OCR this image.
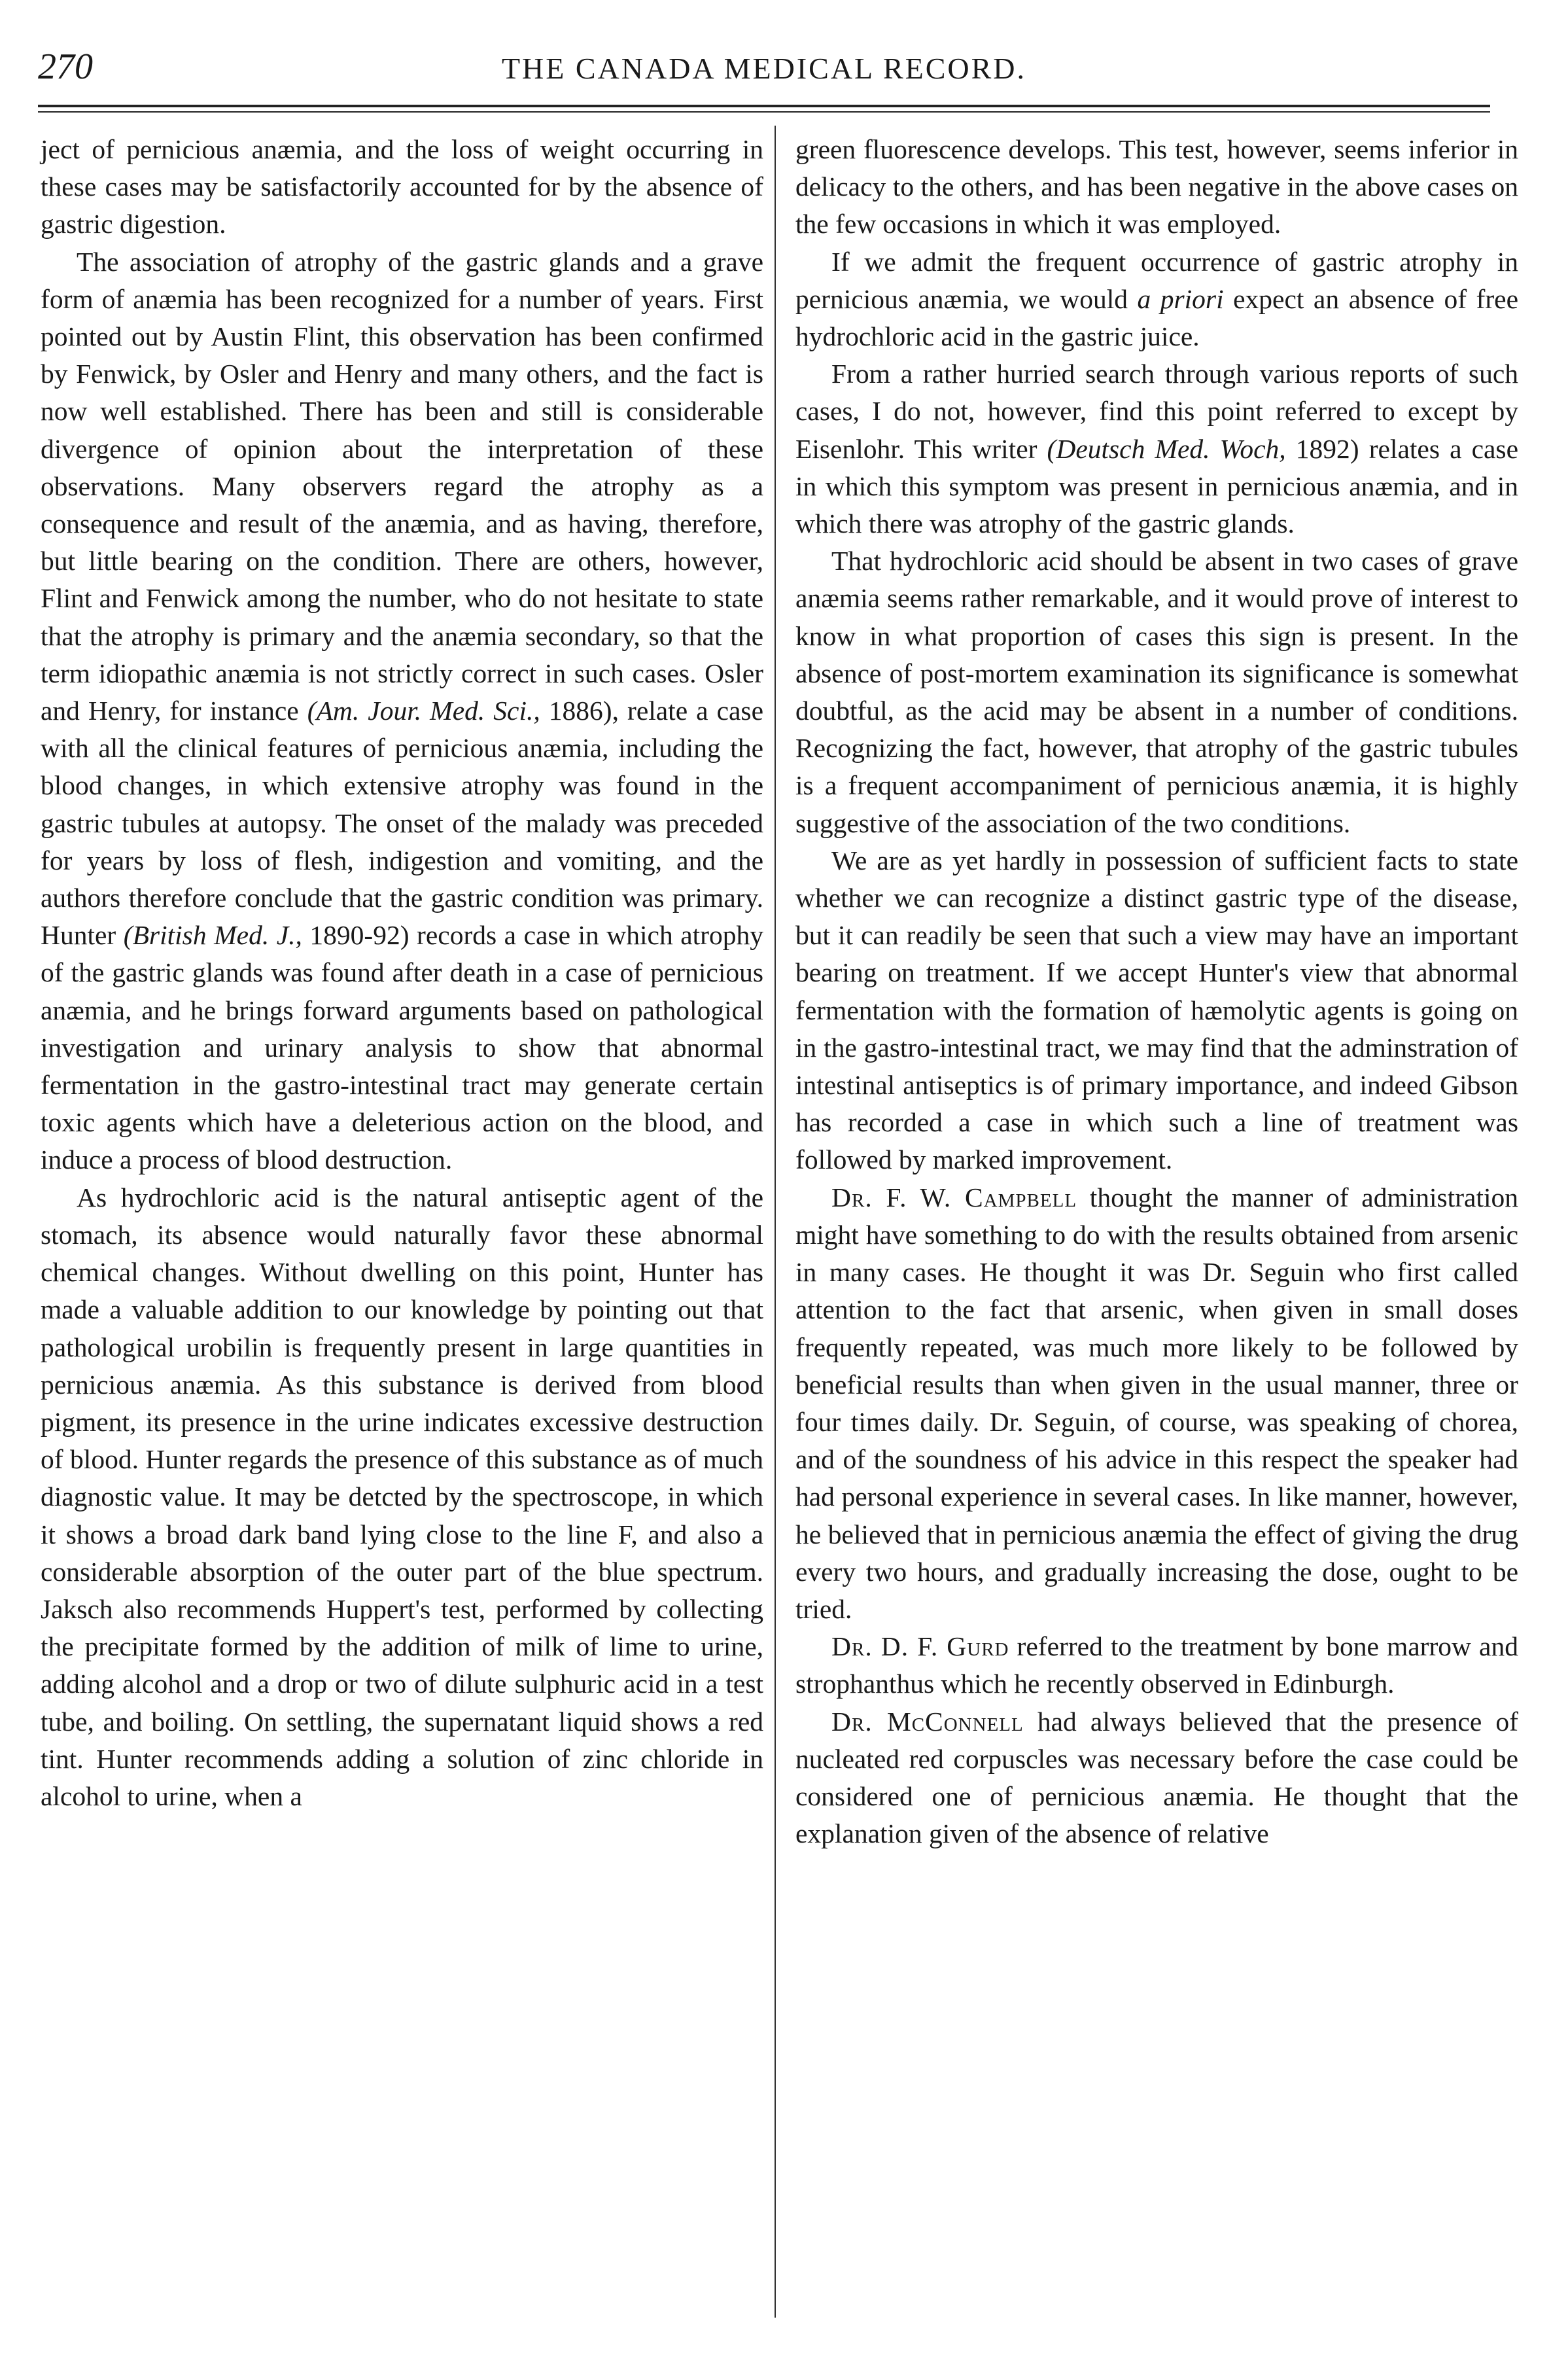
270	THE CANADA MEDICAL RECORD.

ject of pernicious anæmia, and the loss of weight occurring in these cases may be satisfactorily accounted for by the absence of gastric digestion.

The association of atrophy of the gastric glands and a grave form of anæmia has been recognized for a number of years. First pointed out by Austin Flint, this observation has been confirmed by Fenwick, by Osler and Henry and many others, and the fact is now well established. There has been and still is considerable divergence of opinion about the interpretation of these observations. Many observers regard the atrophy as a consequence and result of the anæmia, and as having, therefore, but little bearing on the condition. There are others, however, Flint and Fenwick among the number, who do not hesitate to state that the atrophy is primary and the anæmia secondary, so that the term idiopathic anæmia is not strictly correct in such cases. Osler and Henry, for instance (Am. Jour. Med. Sci., 1886), relate a case with all the clinical features of pernicious anæmia, including the blood changes, in which extensive atrophy was found in the gastric tubules at autopsy. The onset of the malady was preceded for years by loss of flesh, indigestion and vomiting, and the authors therefore conclude that the gastric condition was primary. Hunter (British Med. J., 1890-92) records a case in which atrophy of the gastric glands was found after death in a case of pernicious anæmia, and he brings forward arguments based on pathological investigation and urinary analysis to show that abnormal fermentation in the gastro-intestinal tract may generate certain toxic agents which have a deleterious action on the blood, and induce a process of blood destruction.

As hydrochloric acid is the natural antiseptic agent of the stomach, its absence would naturally favor these abnormal chemical changes. Without dwelling on this point, Hunter has made a valuable addition to our knowledge by pointing out that pathological urobilin is frequently present in large quantities in pernicious anæmia. As this substance is derived from blood pigment, its presence in the urine indicates excessive destruction of blood. Hunter regards the presence of this substance as of much diagnostic value. It may be detcted by the spectroscope, in which it shows a broad dark band lying close to the line F, and also a considerable absorption of the outer part of the blue spectrum. Jaksch also recommends Huppert's test, performed by collecting the precipitate formed by the addition of milk of lime to urine, adding alcohol and a drop or two of dilute sulphuric acid in a test tube, and boiling. On settling, the supernatant liquid shows a red tint. Hunter recommends adding a solution of zinc chloride in alcohol to urine, when a

green fluorescence develops. This test, however, seems inferior in delicacy to the others, and has been negative in the above cases on the few occasions in which it was employed.

If we admit the frequent occurrence of gastric atrophy in pernicious anæmia, we would a priori expect an absence of free hydrochloric acid in the gastric juice.

From a rather hurried search through various reports of such cases, I do not, however, find this point referred to except by Eisenlohr. This writer (Deutsch Med. Woch, 1892) relates a case in which this symptom was present in pernicious anæmia, and in which there was atrophy of the gastric glands.

That hydrochloric acid should be absent in two cases of grave anæmia seems rather remarkable, and it would prove of interest to know in what proportion of cases this sign is present. In the absence of post-mortem examination its significance is somewhat doubtful, as the acid may be absent in a number of conditions. Recognizing the fact, however, that atrophy of the gastric tubules is a frequent accompaniment of pernicious anæmia, it is highly suggestive of the association of the two conditions.

We are as yet hardly in possession of sufficient facts to state whether we can recognize a distinct gastric type of the disease, but it can readily be seen that such a view may have an important bearing on treatment. If we accept Hunter's view that abnormal fermentation with the formation of hæmolytic agents is going on in the gastro-intestinal tract, we may find that the adminstration of intestinal antiseptics is of primary importance, and indeed Gibson has recorded a case in which such a line of treatment was followed by marked improvement.

Dr. F. W. Campbell thought the manner of administration might have something to do with the results obtained from arsenic in many cases. He thought it was Dr. Seguin who first called attention to the fact that arsenic, when given in small doses frequently repeated, was much more likely to be followed by beneficial results than when given in the usual manner, three or four times daily. Dr. Seguin, of course, was speaking of chorea, and of the soundness of his advice in this respect the speaker had had personal experience in several cases. In like manner, however, he believed that in pernicious anæmia the effect of giving the drug every two hours, and gradually increasing the dose, ought to be tried.

Dr. D. F. Gurd referred to the treatment by bone marrow and strophanthus which he recently observed in Edinburgh.

Dr. McConnell had always believed that the presence of nucleated red corpuscles was necessary before the case could be considered one of pernicious anæmia. He thought that the explanation given of the absence of relative
